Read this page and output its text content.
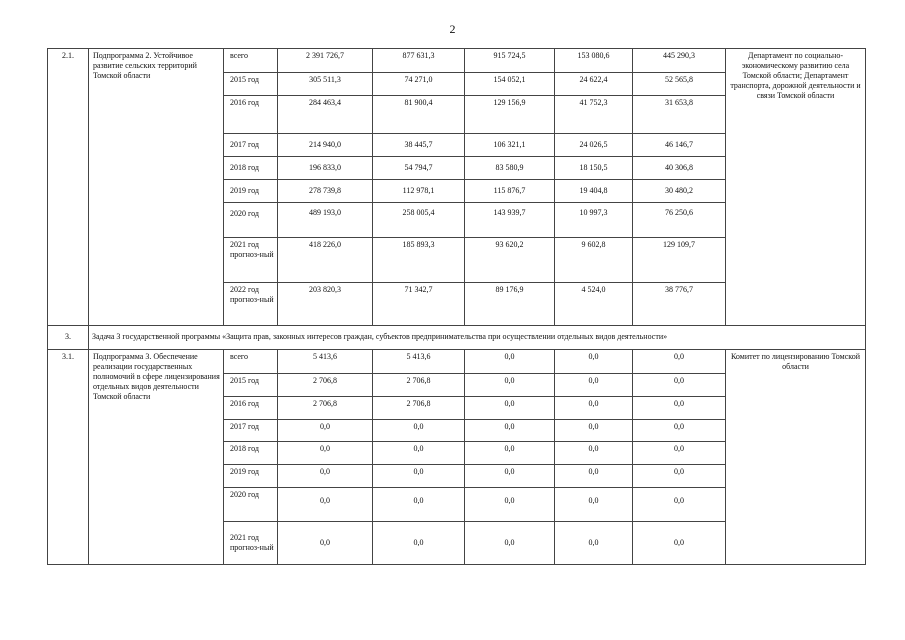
2
2.1.	Подпрограмма 2. Устойчивое развитие сельских территорий Томской области	всего	2 391 726,7	877 631,3	915 724,5	153 080,6	445 290,3	Департамент по социально-экономическому развитию села Томской области; Департамент транспорта, дорожной деятельности и связи Томской области
		2015 год	305 511,3	74 271,0	154 052,1	24 622,4	52 565,8	
		2016 год	284 463,4	81 900,4	129 156,9	41 752,3	31 653,8	
		2017 год	214 940,0	38 445,7	106 321,1	24 026,5	46 146,7	
		2018 год	196 833,0	54 794,7	83 580,9	18 150,5	40 306,8	
		2019 год	278 739,8	112 978,1	115 876,7	19 404,8	30 480,2	
		2020 год	489 193,0	258 005,4	143 939,7	10 997,3	76 250,6	
		2021 год прогноз-ный	418 226,0	185 893,3	93 620,2	9 602,8	129 109,7	
		2022 год прогноз-ный	203 820,3	71 342,7	89 176,9	4 524,0	38 776,7	
3.	Задача 3 государственной программы «Защита прав, законных интересов граждан, субъектов предпринимательства при осуществлении отдельных видов деятельности»							
3.1.	Подпрограмма 3. Обеспечение реализации государственных полномочий в сфере лицензирования отдельных видов деятельности Томской области	всего	5 413,6	5 413,6	0,0	0,0	0,0	Комитет по лицензированию Томской области
		2015 год	2 706,8	2 706,8	0,0	0,0	0,0	
		2016 год	2 706,8	2 706,8	0,0	0,0	0,0	
		2017 год	0,0	0,0	0,0	0,0	0,0	
		2018 год	0,0	0,0	0,0	0,0	0,0	
		2019 год	0,0	0,0	0,0	0,0	0,0	
		2020 год	0,0	0,0	0,0	0,0	0,0	
		2021 год прогноз-ный	0,0	0,0	0,0	0,0	0,0	
